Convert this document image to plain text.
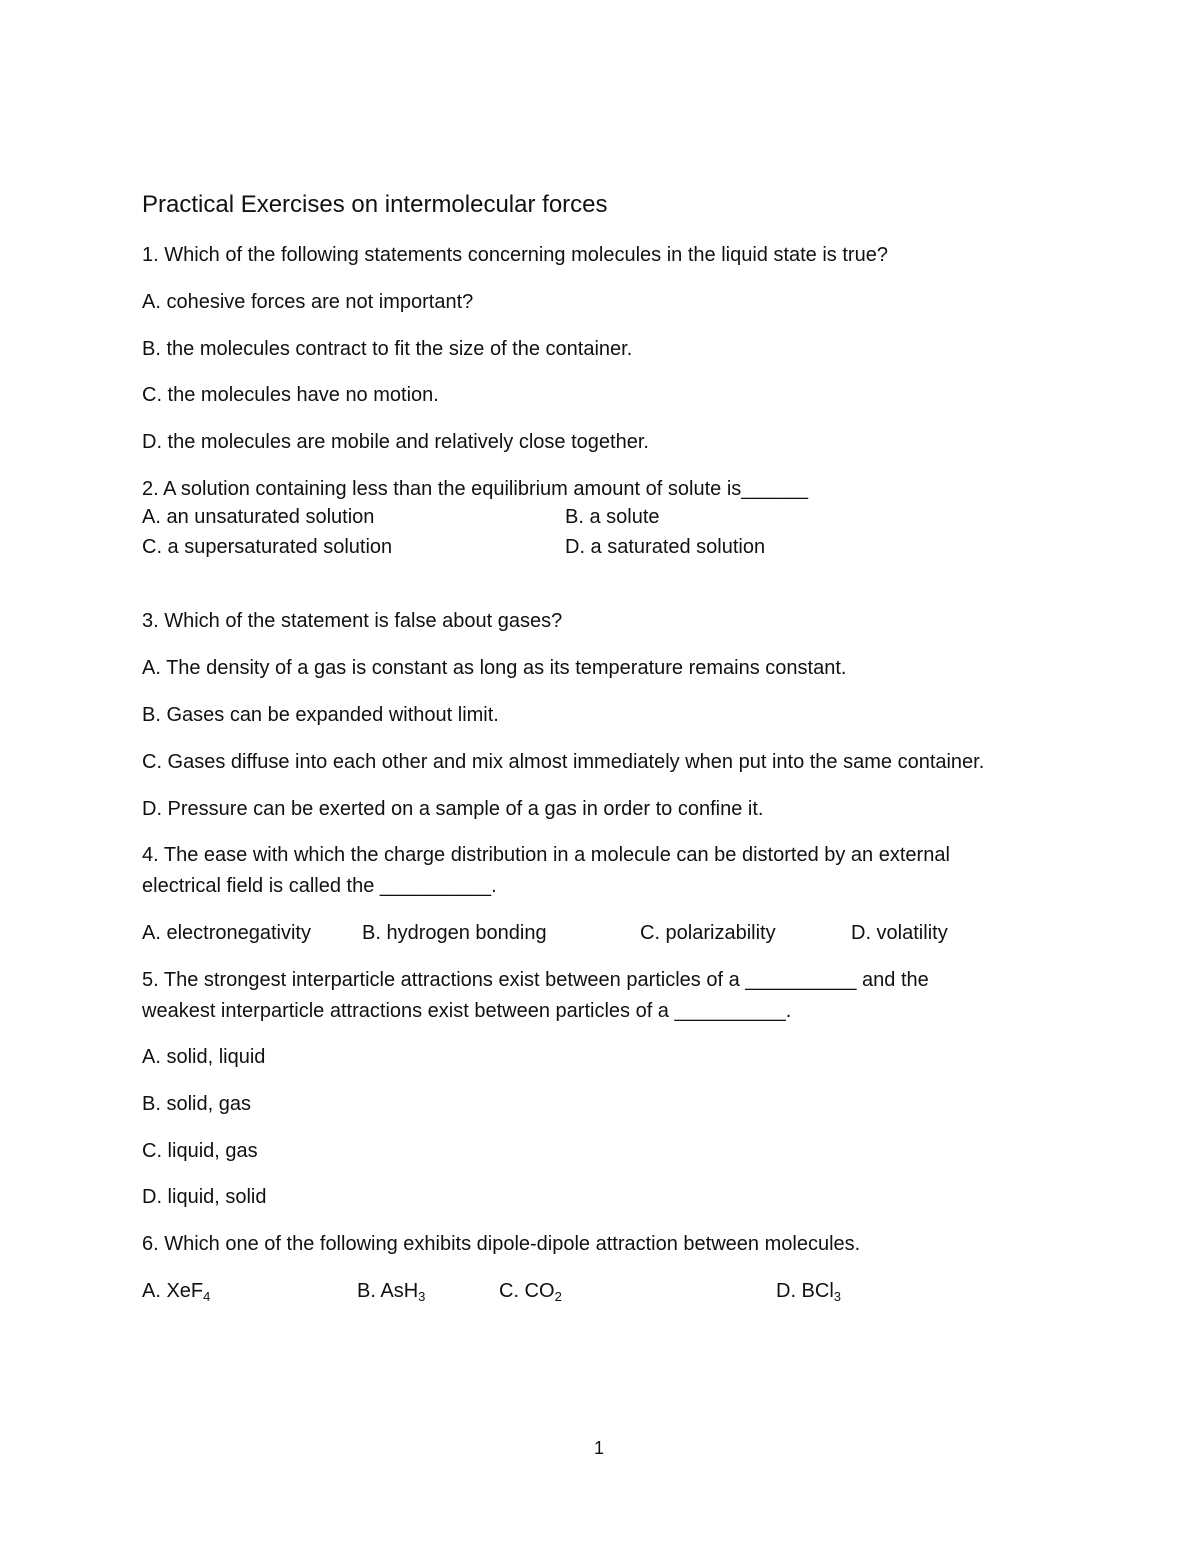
Practical Exercises on intermolecular forces
1. Which of the following statements concerning molecules in the liquid state is true?
A. cohesive forces are not important?
B. the molecules contract to fit the size of the container.
C. the molecules have no motion.
D. the molecules are mobile and relatively close together.
2. A solution containing less than the equilibrium amount of solute is______
A. an unsaturated solution	B. a solute
C. a supersaturated solution	D. a saturated solution
3. Which of the statement is false about gases?
A. The density of a gas is constant as long as its temperature remains constant.
B. Gases can be expanded without limit.
C. Gases diffuse into each other and mix almost immediately when put into the same container.
D. Pressure can be exerted on a sample of a gas in order to confine it.
4. The ease with which the charge distribution in a molecule can be distorted by an external
electrical field is called the __________.
A. electronegativity	B. hydrogen bonding	C. polarizability	D. volatility
5. The strongest interparticle attractions exist between particles of a __________ and the
weakest interparticle attractions exist between particles of a __________.
A. solid, liquid
B. solid, gas
C. liquid, gas
D. liquid, solid
6. Which one of the following exhibits dipole-dipole attraction between molecules.
A. XeF$_4$	B. AsH$_3$	C. $CO_2$	D. BCl$_3$
1
